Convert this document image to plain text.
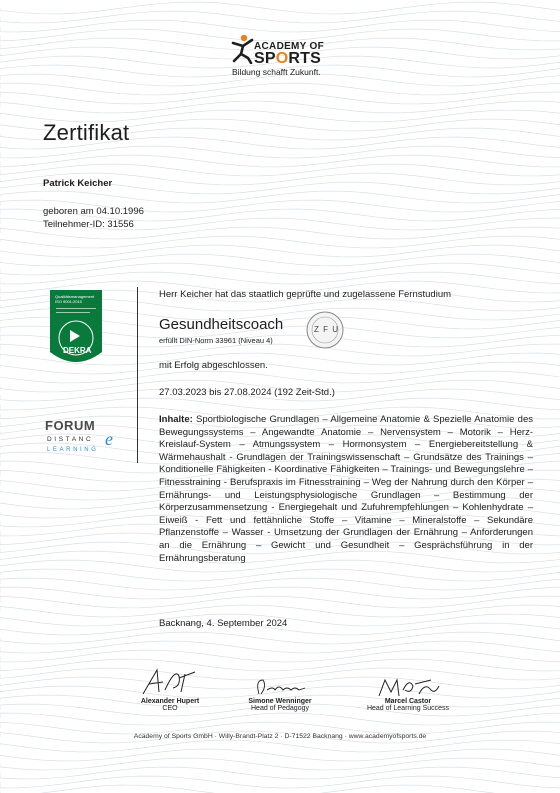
ACADEMY OF
SPORTS
Bildung schafft Zukunft.
Zertifikat
Patrick Keicher
geboren am 04.10.1996
Teilnehmer-ID: 31556
Qualitätsmanagement
ISO 9001:2015
DEKRA
FORUM
DISTANC e
LEARNING
Herr Keicher hat das staatlich geprüfte und zugelassene Fernstudium
Gesundheitscoach
erfüllt DIN-Norm 33961 (Niveau 4)
Z F U
mit Erfolg abgeschlossen.
27.03.2023 bis 27.08.2024 (192 Zeit-Std.)
Inhalte: Sportbiologische Grundlagen – Allgemeine Anatomie & Spezielle Anatomie des Bewegungssystems – Angewandte Anatomie – Nervensystem – Motorik – Herz-Kreislauf-System – Atmungssystem – Hormonsystem – Energiebereitstellung & Wärmehaushalt - Grundlagen der Trainingswissenschaft – Grundsätze des Trainings – Konditionelle Fähigkeiten - Koordinative Fähigkeiten – Trainings- und Bewegungslehre – Fitnesstraining - Berufspraxis im Fitnesstraining – Weg der Nahrung durch den Körper – Ernährungs- und Leistungsphysiologische Grundlagen – Bestimmung der Körperzusammensetzung - Energiegehalt und Zufuhrempfehlungen – Kohlenhydrate – Eiweiß - Fett und fettähnliche Stoffe – Vitamine – Mineralstoffe – Sekundäre Pflanzenstoffe – Wasser - Umsetzung der Grundlagen der Ernährung – Anforderungen an die Ernährung – Gewicht und Gesundheit – Gesprächsführung in der Ernährungsberatung
Backnang, 4. September 2024
Alexander Hupert
CEO
Simone Wenninger
Head of Pedagogy
Marcel Castor
Head of Learning Success
Academy of Sports GmbH · Willy-Brandt-Platz 2 · D-71522 Backnang · www.academyofsports.de
